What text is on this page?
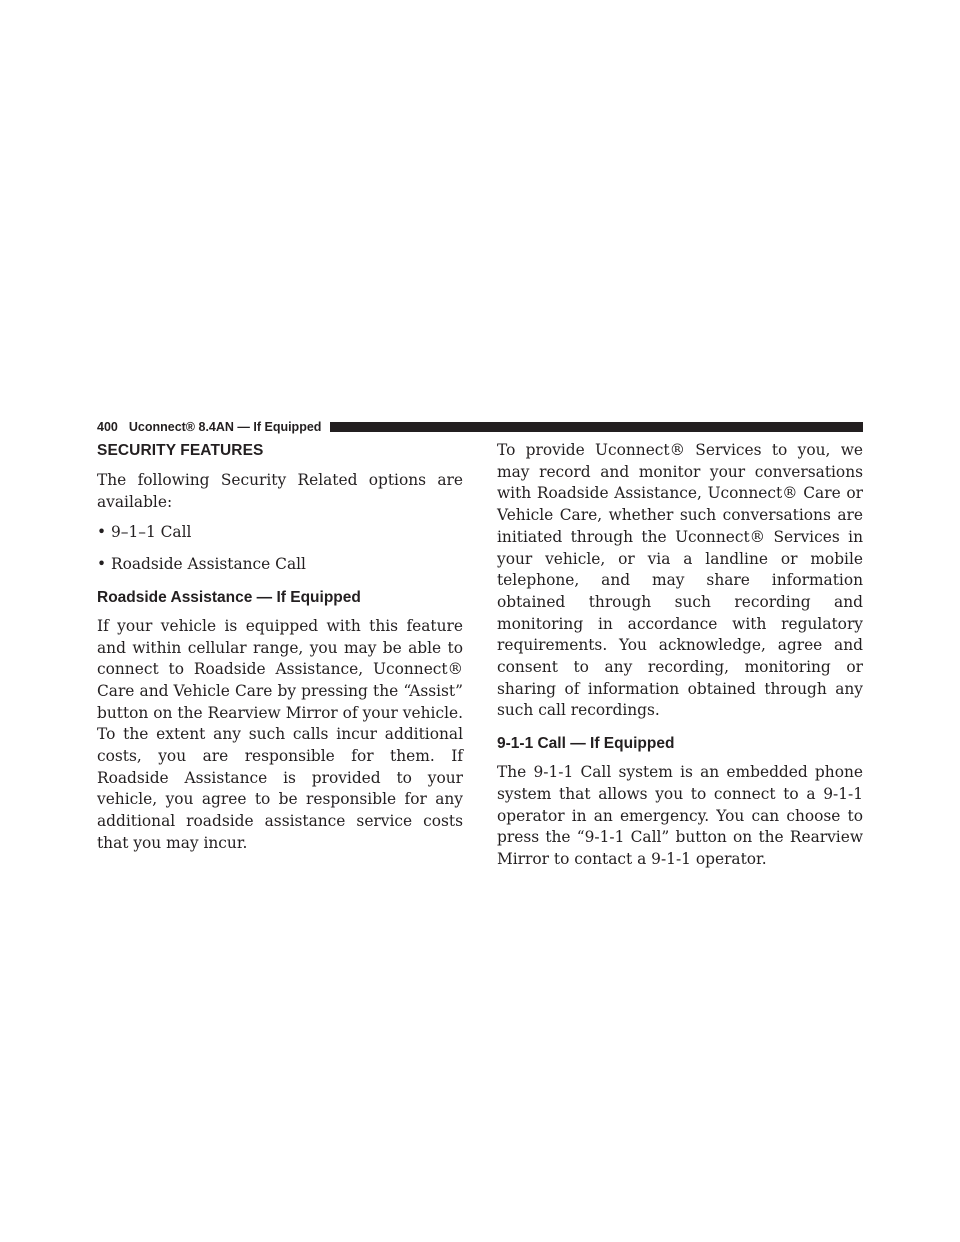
400 Uconnect® 8.4AN — If Equipped
SECURITY FEATURES

The following Security Related options are available:

• 9–1–1 Call
• Roadside Assistance Call
Roadside Assistance — If Equipped

If your vehicle is equipped with this feature and within cellular range, you may be able to connect to Roadside Assistance, Uconnect® Care and Vehicle Care by pressing the “Assist” button on the Rearview Mirror of your vehicle. To the extent any such calls incur additional costs, you are responsible for them. If Roadside Assistance is provided to your vehicle, you agree to be responsible for any additional roadside assistance service costs that you may incur.

To provide Uconnect® Services to you, we may record and monitor your conversations with Roadside Assistance, Uconnect® Care or Vehicle Care, whether such conversations are initiated through the Uconnect® Services in your vehicle, or via a landline or mobile telephone, and may share information obtained through such recording and monitoring in accordance with regulatory requirements. You acknowledge, agree and consent to any recording, monitoring or sharing of information obtained through any such call recordings.

9-1-1 Call — If Equipped

The 9-1-1 Call system is an embedded phone system that allows you to connect to a 9-1-1 operator in an emergency. You can choose to press the “9-1-1 Call” button on the Rearview Mirror to contact a 9-1-1 operator.
